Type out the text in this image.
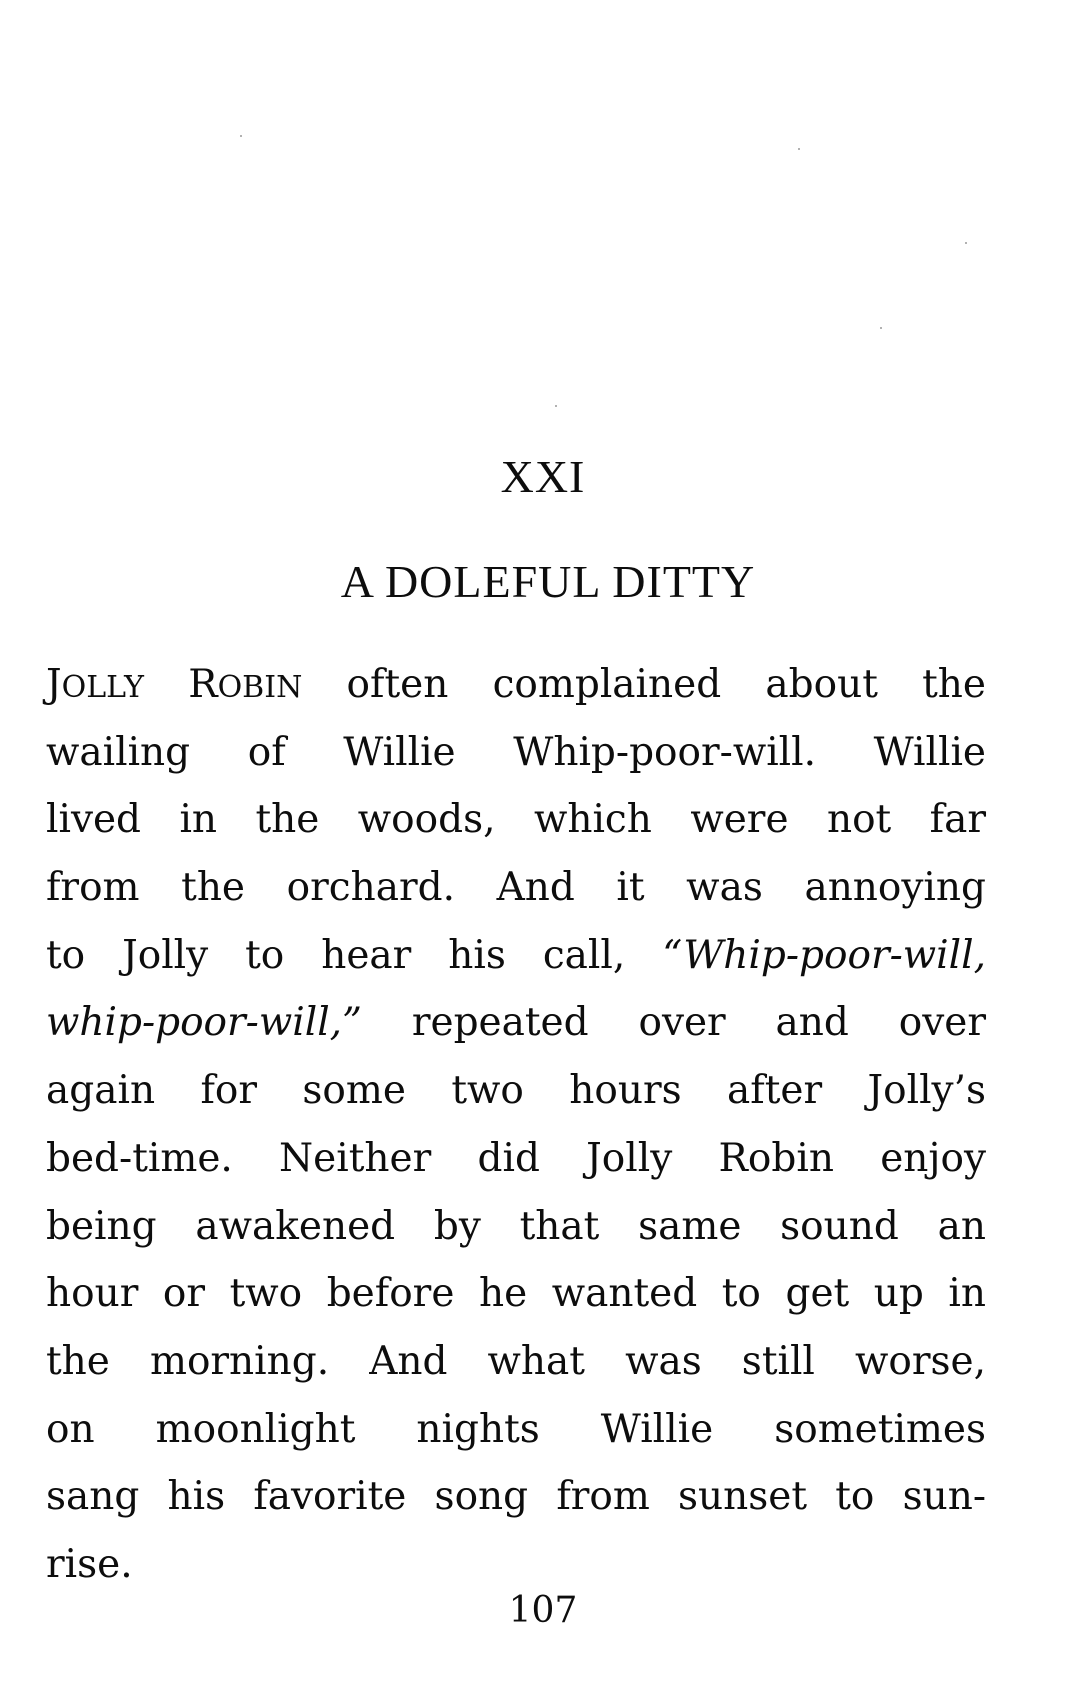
XXI
A DOLEFUL DITTY
JOLLY ROBIN often complained about the
wailing of Willie Whip-poor-will. Willie
lived in the woods, which were not far
from the orchard. And it was annoying
to Jolly to hear his call, “Whip-poor-will,
whip-poor-will,” repeated over and over
again for some two hours after Jolly’s
bed-time. Neither did Jolly Robin enjoy
being awakened by that same sound an
hour or two before he wanted to get up in
the morning. And what was still worse,
on moonlight nights Willie sometimes
sang his favorite song from sunset to sun-
rise.
107
